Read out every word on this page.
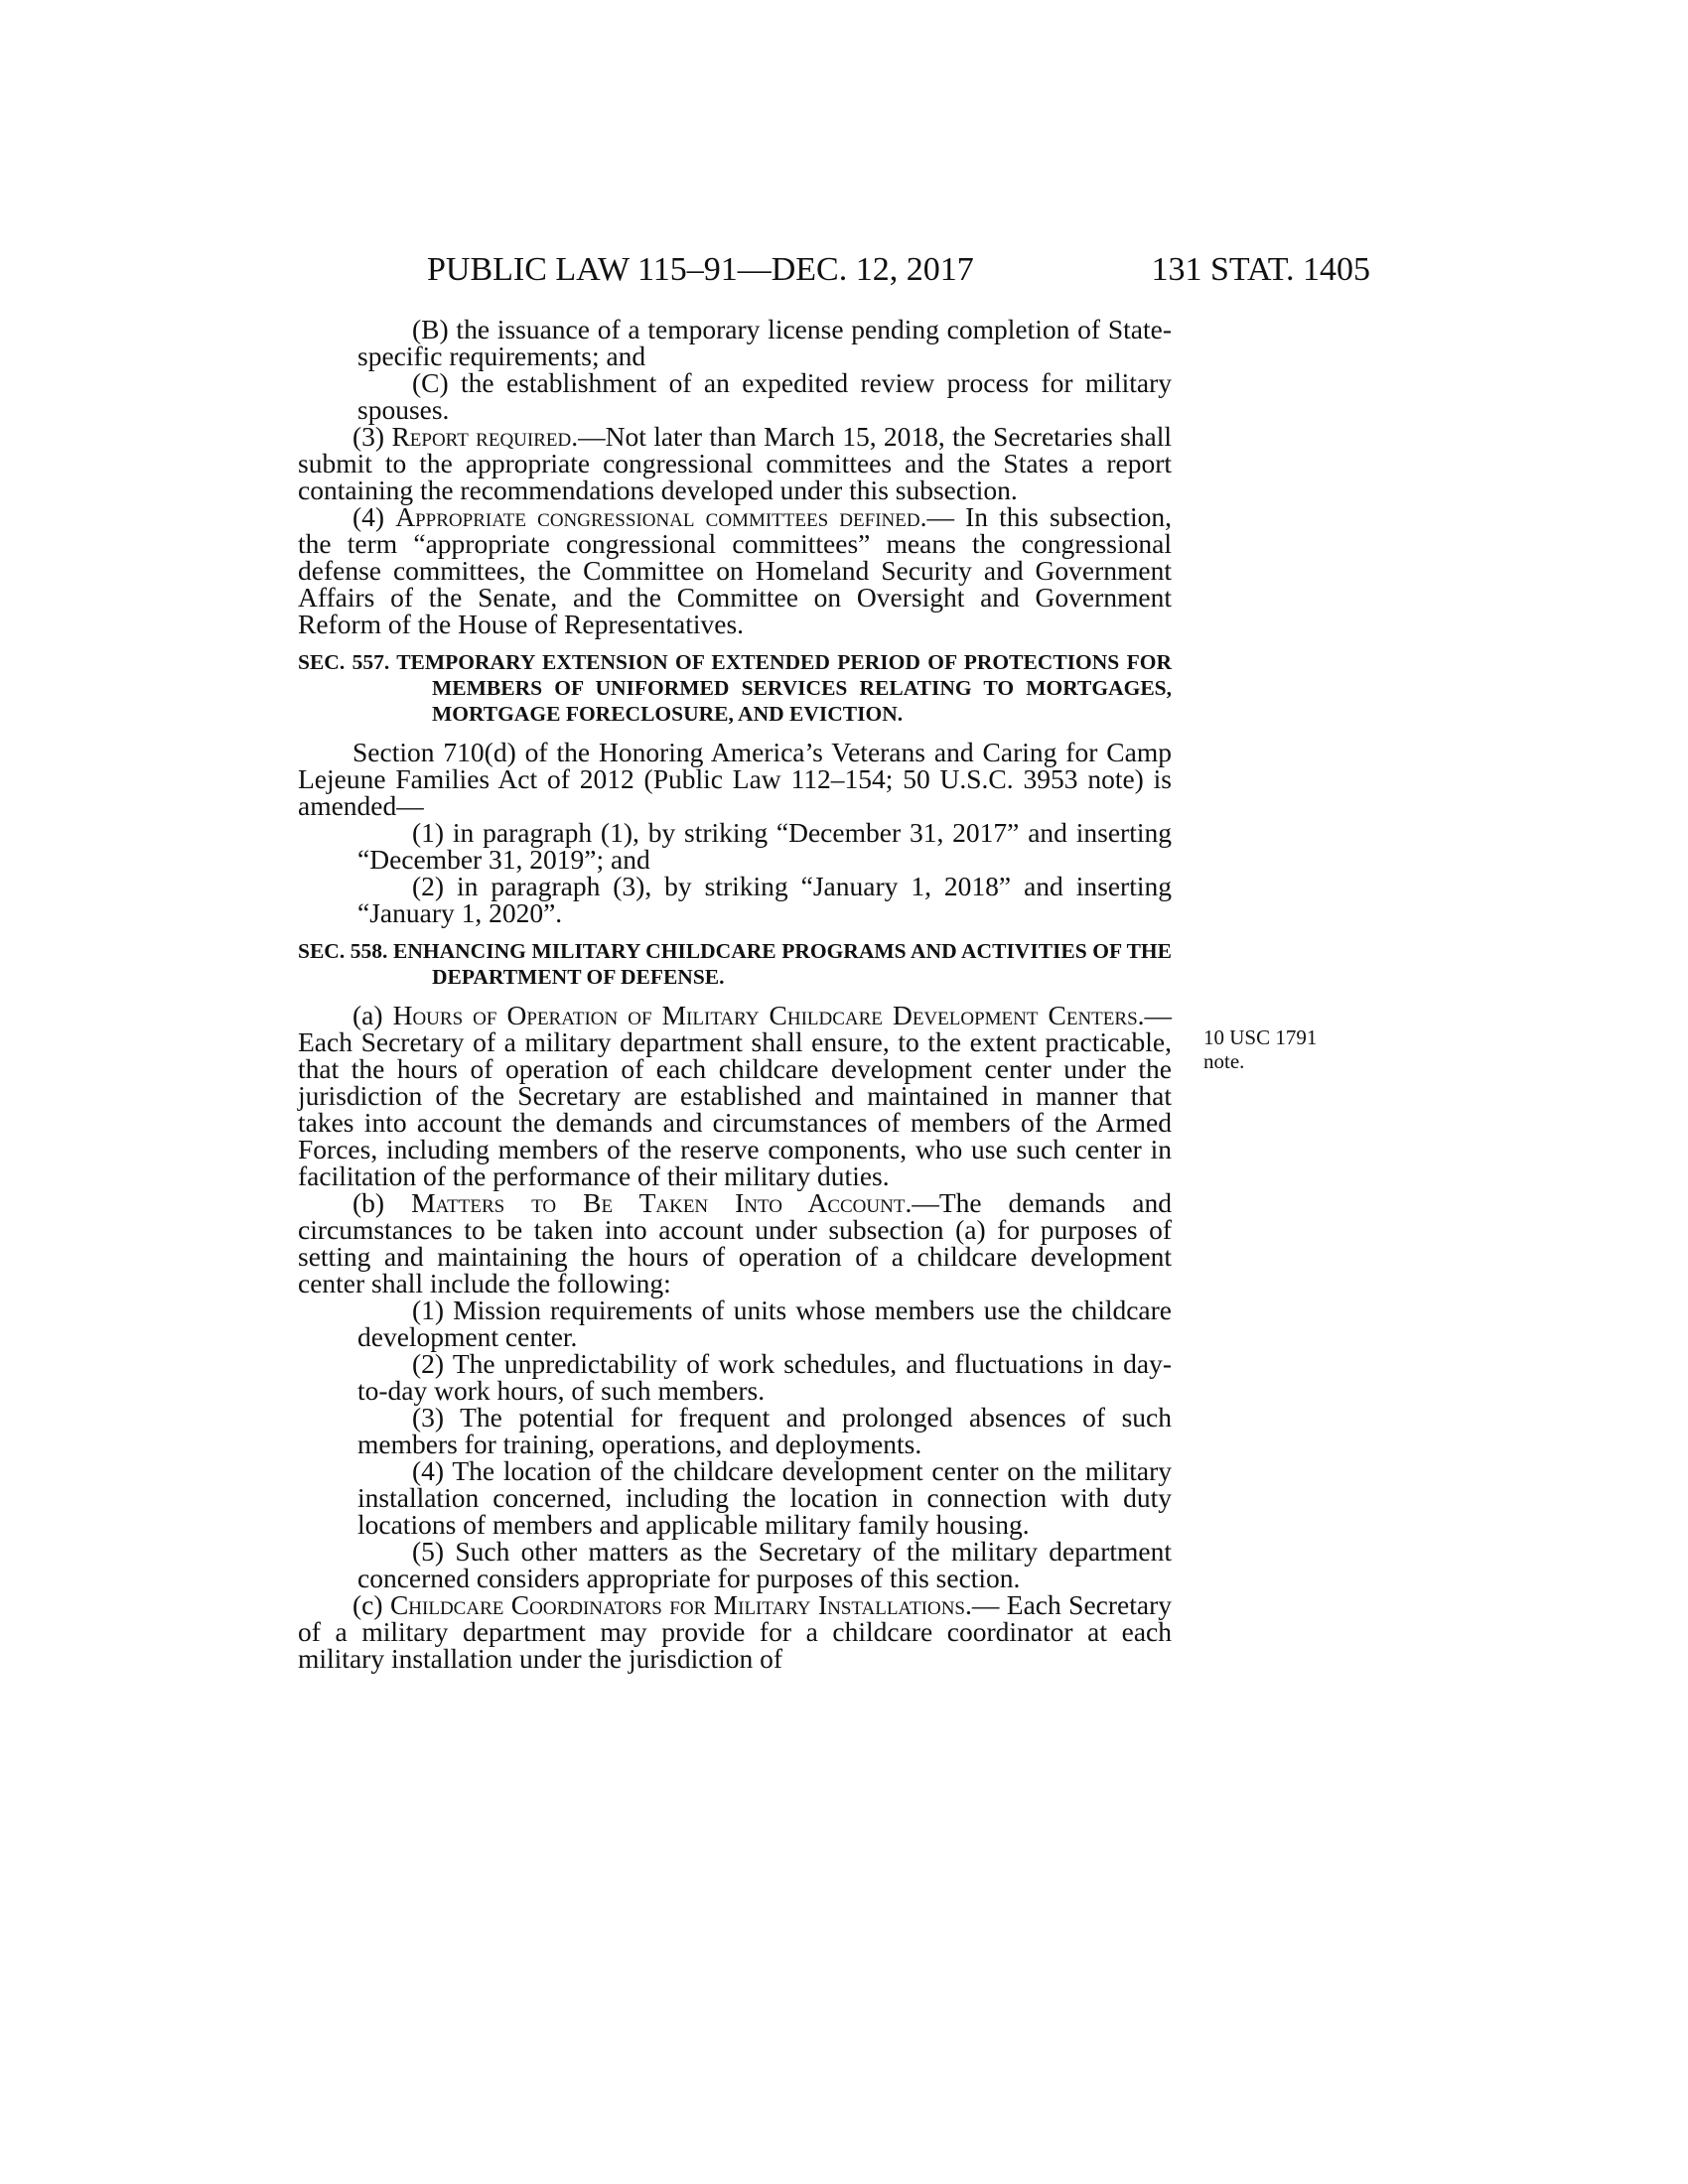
PUBLIC LAW 115–91—DEC. 12, 2017	131 STAT. 1405
10 USC 1791
note.

(B) the issuance of a temporary license pending completion of State-specific requirements; and

(C) the establishment of an expedited review process for military spouses.

(3) Report required.—Not later than March 15, 2018, the Secretaries shall submit to the appropriate congressional committees and the States a report containing the recommendations developed under this subsection.

(4) Appropriate congressional committees defined.— In this subsection, the term “appropriate congressional committees” means the congressional defense committees, the Committee on Homeland Security and Government Affairs of the Senate, and the Committee on Oversight and Government Reform of the House of Representatives.

SEC. 557. TEMPORARY EXTENSION OF EXTENDED PERIOD OF PROTECTIONS FOR MEMBERS OF UNIFORMED SERVICES RELATING TO MORTGAGES, MORTGAGE FORECLOSURE, AND EVICTION.

Section 710(d) of the Honoring America’s Veterans and Caring for Camp Lejeune Families Act of 2012 (Public Law 112–154; 50 U.S.C. 3953 note) is amended—

(1) in paragraph (1), by striking “December 31, 2017” and inserting “December 31, 2019”; and

(2) in paragraph (3), by striking “January 1, 2018” and inserting “January 1, 2020”.

SEC. 558. ENHANCING MILITARY CHILDCARE PROGRAMS AND ACTIVITIES OF THE DEPARTMENT OF DEFENSE.

(a) Hours of Operation of Military Childcare Development Centers.—Each Secretary of a military department shall ensure, to the extent practicable, that the hours of operation of each childcare development center under the jurisdiction of the Secretary are established and maintained in manner that takes into account the demands and circumstances of members of the Armed Forces, including members of the reserve components, who use such center in facilitation of the performance of their military duties.

(b) Matters to Be Taken Into Account.—The demands and circumstances to be taken into account under subsection (a) for purposes of setting and maintaining the hours of operation of a childcare development center shall include the following:

(1) Mission requirements of units whose members use the childcare development center.

(2) The unpredictability of work schedules, and fluctuations in day-to-day work hours, of such members.

(3) The potential for frequent and prolonged absences of such members for training, operations, and deployments.

(4) The location of the childcare development center on the military installation concerned, including the location in connection with duty locations of members and applicable military family housing.

(5) Such other matters as the Secretary of the military department concerned considers appropriate for purposes of this section.

(c) Childcare Coordinators for Military Installations.— Each Secretary of a military department may provide for a childcare coordinator at each military installation under the jurisdiction of
